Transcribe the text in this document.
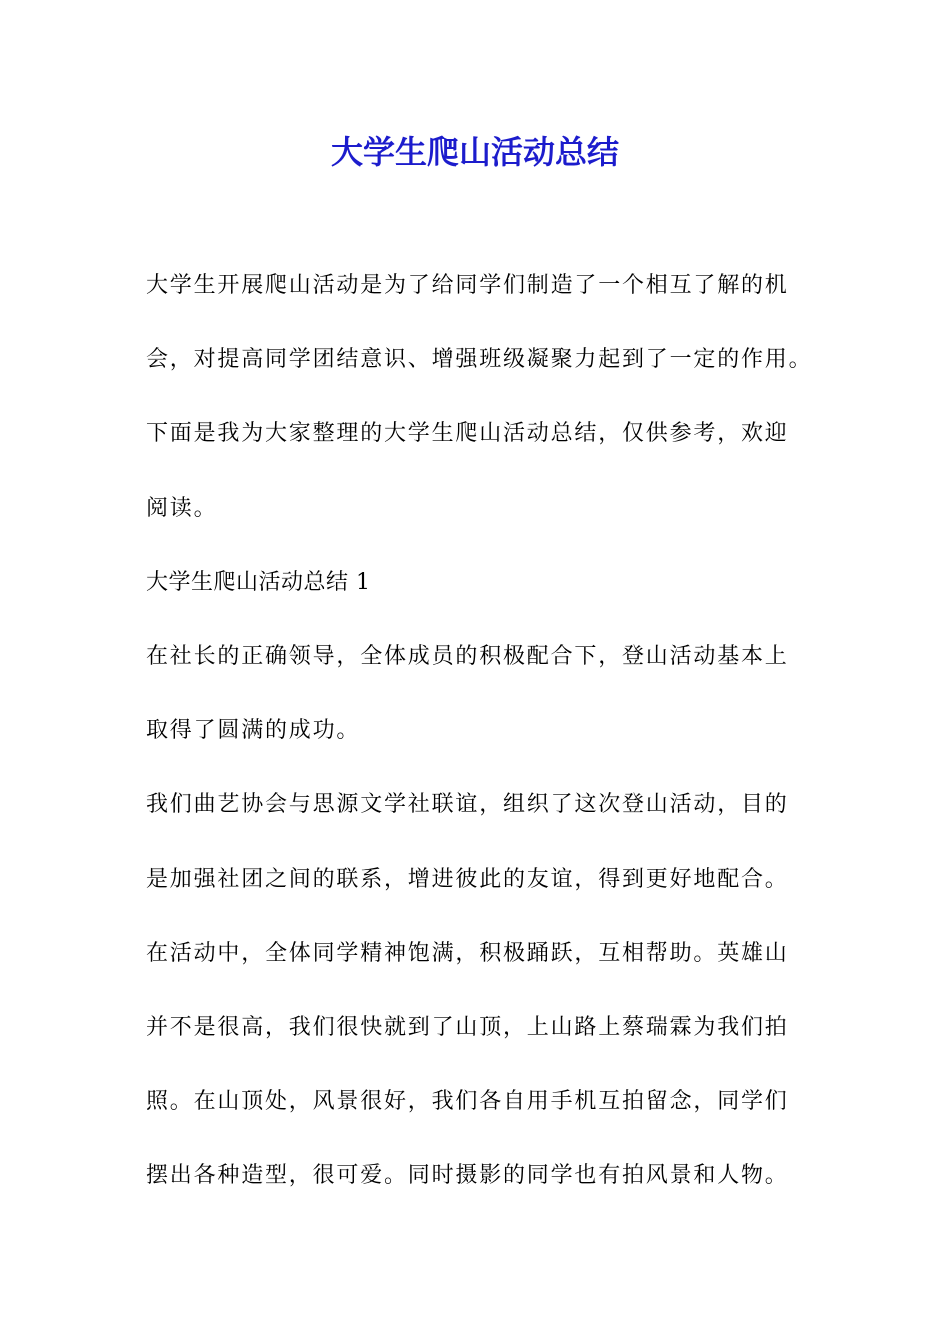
大学生爬山活动总结
大学生开展爬山活动是为了给同学们制造了一个相互了解的机
会，对提高同学团结意识、增强班级凝聚力起到了一定的作用。
下面是我为大家整理的大学生爬山活动总结，仅供参考，欢迎
阅读。
大学生爬山活动总结 1
在社长的正确领导，全体成员的积极配合下，登山活动基本上
取得了圆满的成功。
我们曲艺协会与思源文学社联谊，组织了这次登山活动，目的
是加强社团之间的联系，增进彼此的友谊，得到更好地配合。
在活动中，全体同学精神饱满，积极踊跃，互相帮助。英雄山
并不是很高，我们很快就到了山顶，上山路上蔡瑞霖为我们拍
照。在山顶处，风景很好，我们各自用手机互拍留念，同学们
摆出各种造型，很可爱。同时摄影的同学也有拍风景和人物。
